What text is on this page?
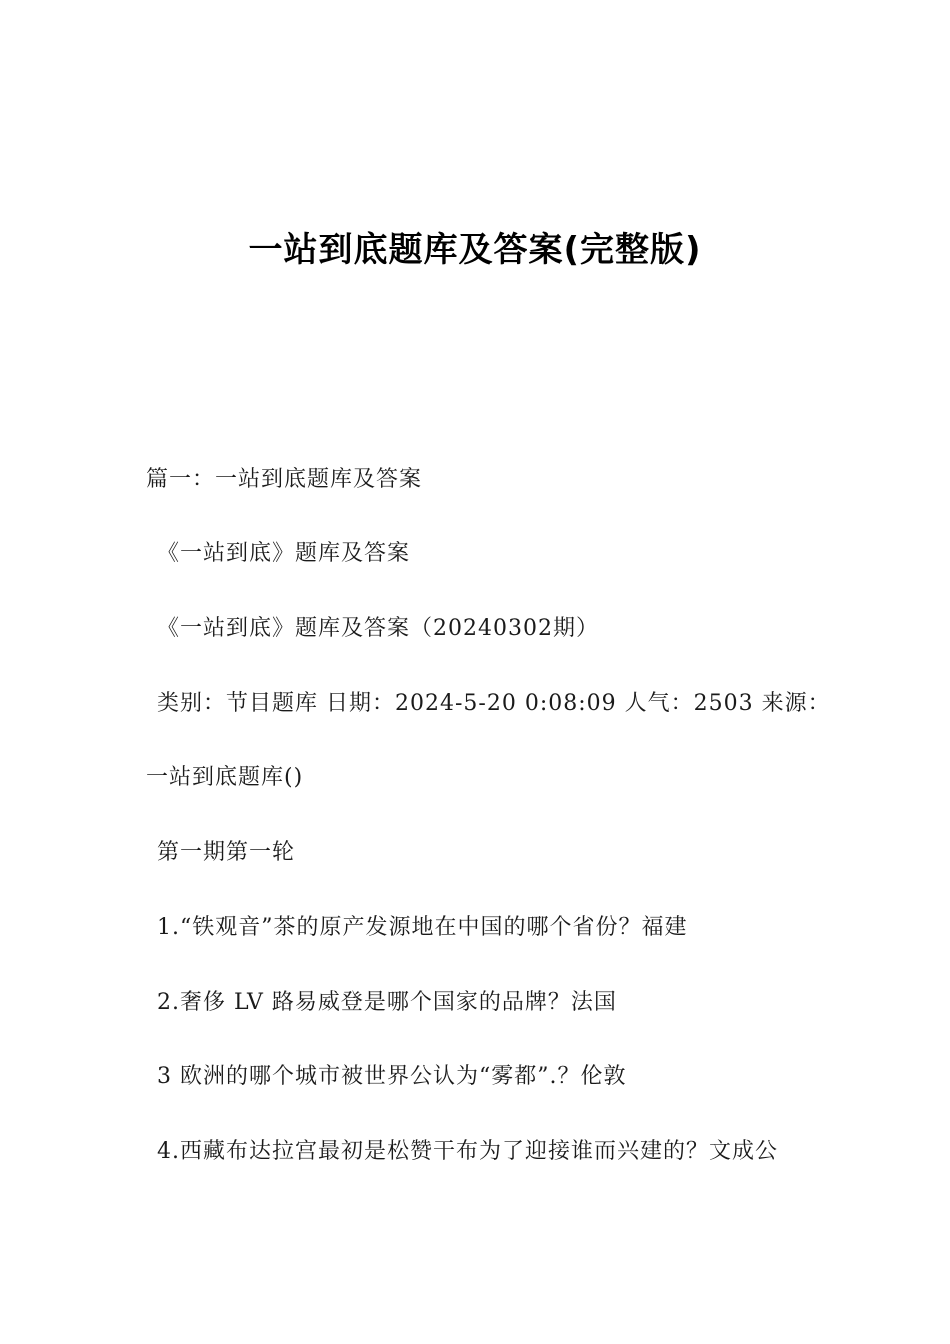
一站到底题库及答案(完整版)
篇一：一站到底题库及答案
《一站到底》题库及答案
《一站到底》题库及答案（20240302期）
类别：节目题库 日期：2024-5-20 0:08:09 人气：2503 来源：
一站到底题库()
第一期第一轮
1.“铁观音”茶的原产发源地在中国的哪个省份？福建
2.奢侈 LV 路易威登是哪个国家的品牌？法国
3 欧洲的哪个城市被世界公认为“雾都”.？伦敦
4.西藏布达拉宫最初是松赞干布为了迎接谁而兴建的？文成公
